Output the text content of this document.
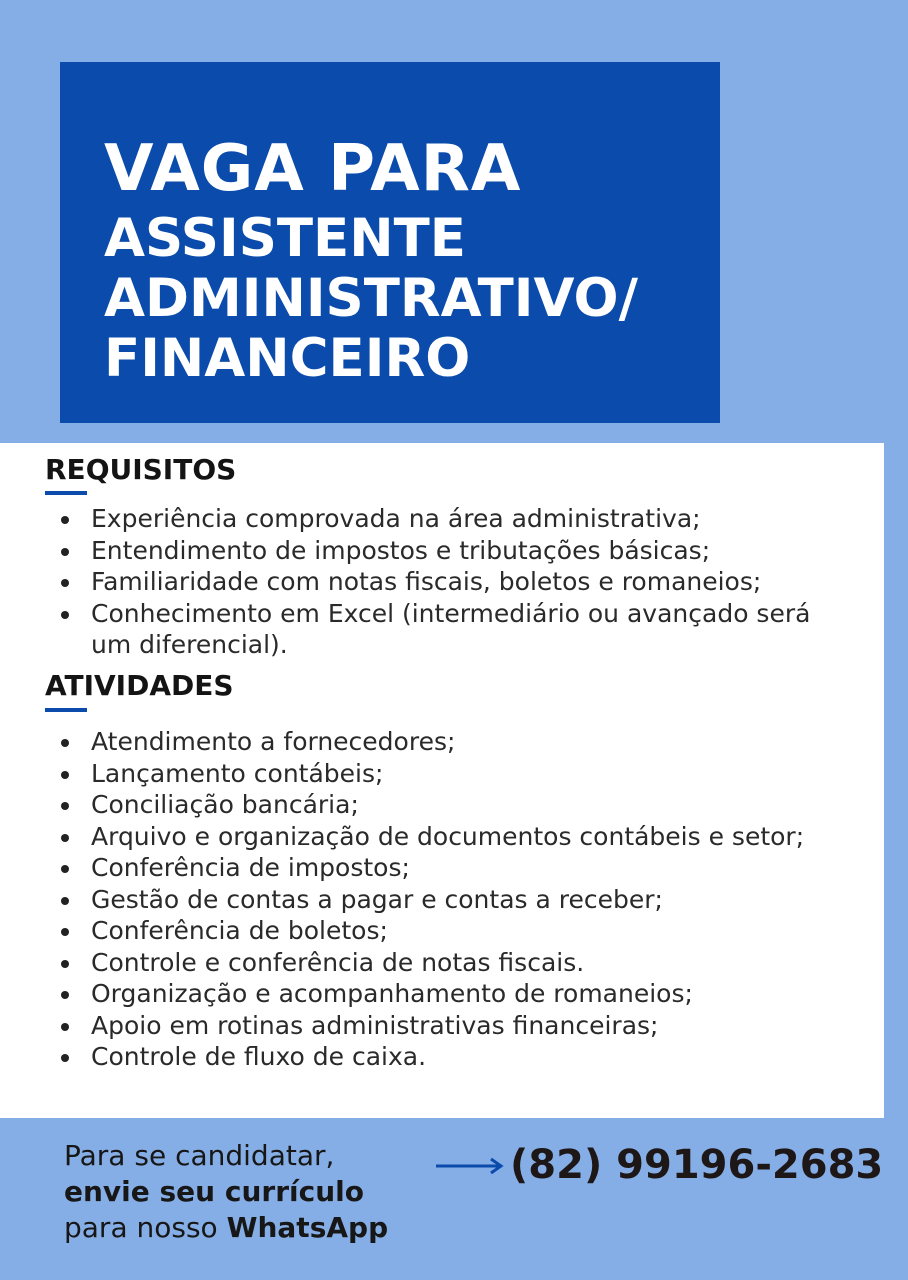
VAGA PARA
ASSISTENTE
ADMINISTRATIVO/
FINANCEIRO
REQUISITOS
Experiência comprovada na área administrativa;
Entendimento de impostos e tributações básicas;
Familiaridade com notas fiscais, boletos e romaneios;
Conhecimento em Excel (intermediário ou avançado será um diferencial).
ATIVIDADES
Atendimento a fornecedores;
Lançamento contábeis;
Conciliação bancária;
Arquivo e organização de documentos contábeis e setor;
Conferência de impostos;
Gestão de contas a pagar e contas a receber;
Conferência de boletos;
Controle e conferência de notas fiscais.
Organização e acompanhamento de romaneios;
Apoio em rotinas administrativas financeiras;
Controle de fluxo de caixa.
Para se candidatar,
envie seu currículo
para nosso WhatsApp
(82) 99196-2683
